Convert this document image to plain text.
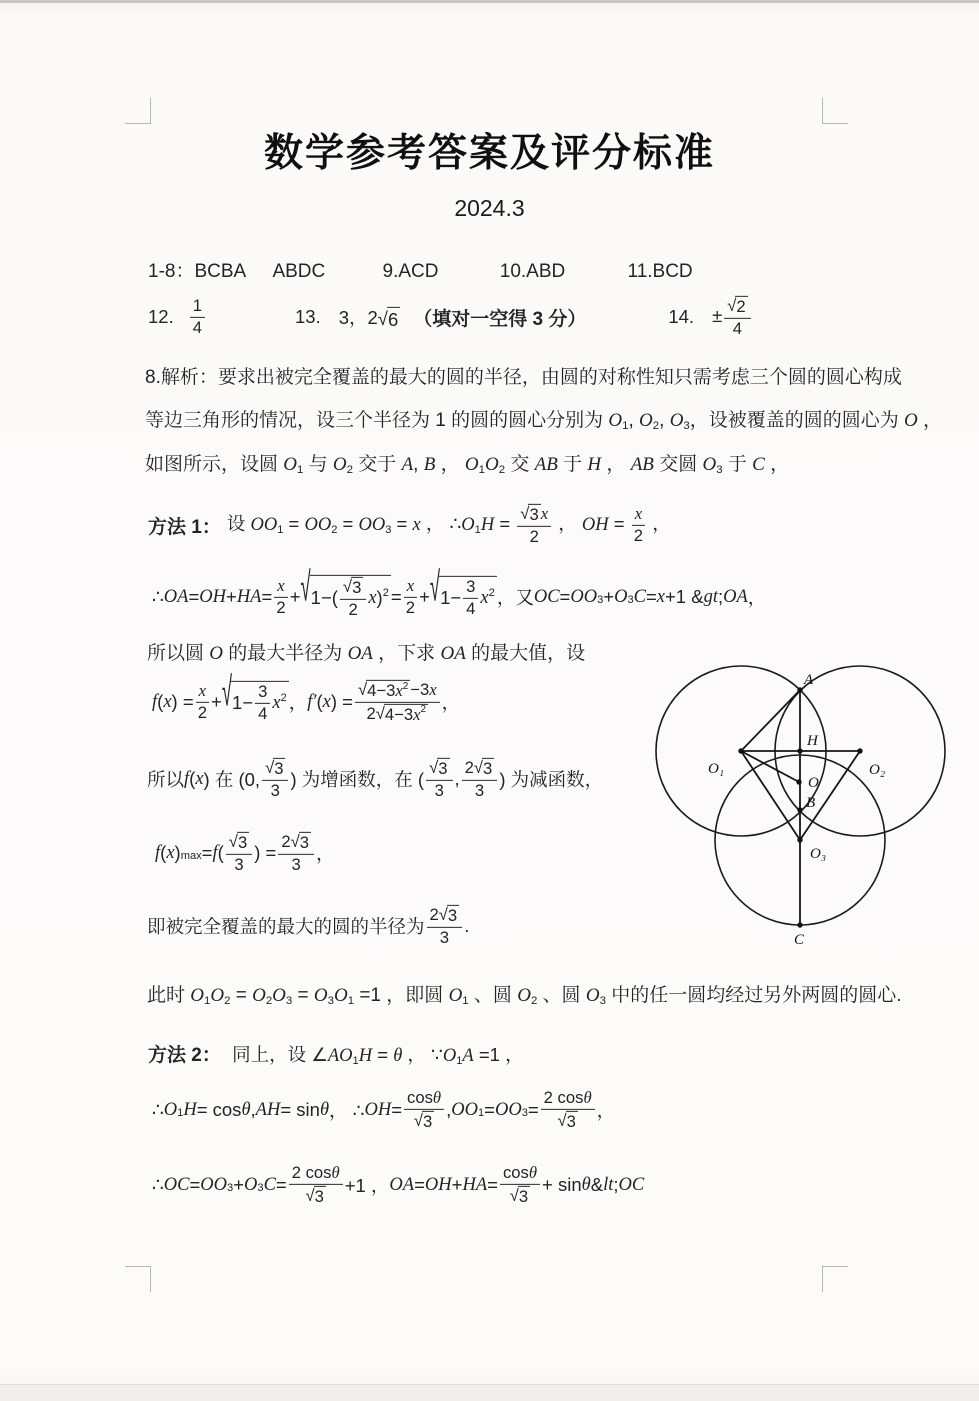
数学参考答案及评分标准
2024.3
1-8：BCBA ABDC	9.ACD	10.ABD	11.BCD
12. $\frac{1}{4}$	13. 3，2√6 （填对一空得 3 分）	14. ± $\frac{√ 2}{4}$
8.解析：要求出被完全覆盖的最大的圆的半径，由圆的对称性知只需考虑三个圆的圆心构成
等边三角形的情况，设三个半径为 1 的圆的圆心分别为 $O_1$, $O_2$, $O_3$，设被覆盖的圆的圆心为 O ，
如图所示，设圆 $O_1$ 与 $O_2$ 交于 A, B ， $O_1O_2$ 交 AB 于 H ， AB 交圆 $O_3$ 于 C ，
方法 1： 设 $OO_1 = OO_2 = OO_3 = x$ ， $\therefore O_1H = \frac{√ 3 x}{2}$ ， OH = $\frac{x}{2}$ ，
∴ OA = OH + HA =
x
2 + √ 1−(
√ 3
2
x )$^2$ =
x
2 + √ 1−
3
4
$x^2$ ，又 OC = $OO_3 + O_3$ C = x +1 & gt ; OA ，
所以圆 O 的最大半径为 OA ，下求 OA 的最大值，设
f ( x ) =
x
2 + √ 1−
3
4
$x^2$ ， f ′ ( x ) =
√ 4−3 $x^2 -3$ x
2 √ 4−3 $x^2$ ，
所以 f ( x ) 在 (0,
√ 3
3 ) 为增函数，在 (
√ 3
3
,
2 √ 3
3 ) 为减函数，
f ( x )$_{max} = f$ (
√ 3
3
) =
2 √ 3
3 ，
即被完全覆盖的最大的圆的半径为
2 √ 3
3
.
此时 $O_1O_2 = O_2O_3 = O_3O_1 =1$ ，即圆 $O_1$ 、圆 $O_2$ 、圆 $O_3$ 中的任一圆均经过另外两圆的圆心.
方法 2： 同上，设 $\angle AO_1H = \theta$ ， $\because O_1A =1$ ，
∴ $O_1$ H = cos θ , AH = sin θ ， ∴ OH =
cos θ
√ 3
, $OO_1 = OO_3$ =
2 cos θ
√ 3 ，
∴ OC = $OO_3 + O_3$ C =
2 cos θ
√ 3 +1 ， OA = OH + HA =
cos θ
√ 3
+ sin θ & lt ; OC
A
H
O
B
O₁	O₂
O₃
C
